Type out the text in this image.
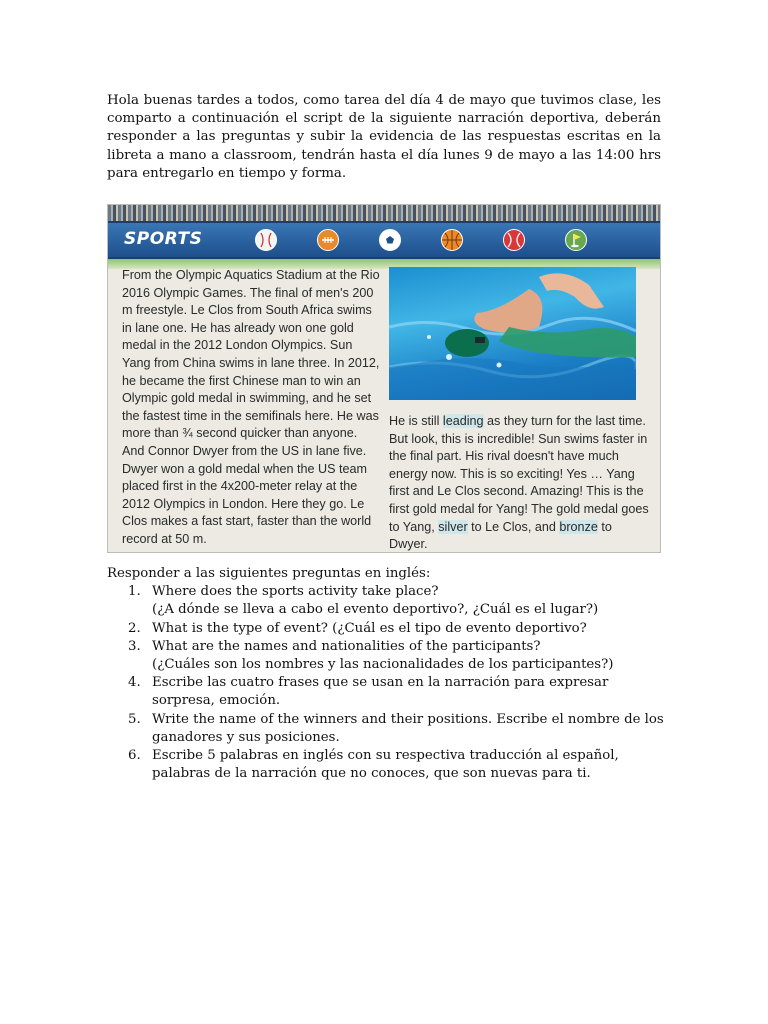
Hola buenas tardes a todos, como tarea del día 4 de mayo que tuvimos clase, les comparto a continuación el script de la siguiente narración deportiva, deberán responder a las preguntas y subir la evidencia de las respuestas escritas en la libreta a mano a classroom, tendrán hasta el día lunes 9 de mayo a las 14:00 hrs para entregarlo en tiempo y forma.

SPORTS
From the Olympic Aquatics Stadium at the Rio 2016 Olympic Games. The final of men's 200 m freestyle. Le Clos from South Africa swims in lane one. He has already won one gold medal in the 2012 London Olympics. Sun Yang from China swims in lane three. In 2012, he became the first Chinese man to win an Olympic gold medal in swimming, and he set the fastest time in the semifinals here. He was more than ¾ second quicker than anyone. And Connor Dwyer from the US in lane five. Dwyer won a gold medal when the US team placed first in the 4x200-meter relay at the 2012 Olympics in London. Here they go. Le Clos makes a fast start, faster than the world record at 50 m.
He is still leading as they turn for the last time. But look, this is incredible! Sun swims faster in the final part. His rival doesn't have much energy now. This is so exciting! Yes … Yang first and Le Clos second. Amazing! This is the first gold medal for Yang! The gold medal goes to Yang, silver to Le Clos, and bronze to Dwyer.

Responder a las siguientes preguntas en inglés:

1. Where does the sports activity take place?
(¿A dónde se lleva a cabo el evento deportivo?, ¿Cuál es el lugar?)
2. What is the type of event? (¿Cuál es el tipo de evento deportivo?
3. What are the names and nationalities of the participants?
(¿Cuáles son los nombres y las nacionalidades de los participantes?)
4. Escribe las cuatro frases que se usan en la narración para expresar sorpresa, emoción.
5. Write the name of the winners and their positions. Escribe el nombre de los ganadores y sus posiciones.
6. Escribe 5 palabras en inglés con su respectiva traducción al español, palabras de la narración que no conoces, que son nuevas para ti.
